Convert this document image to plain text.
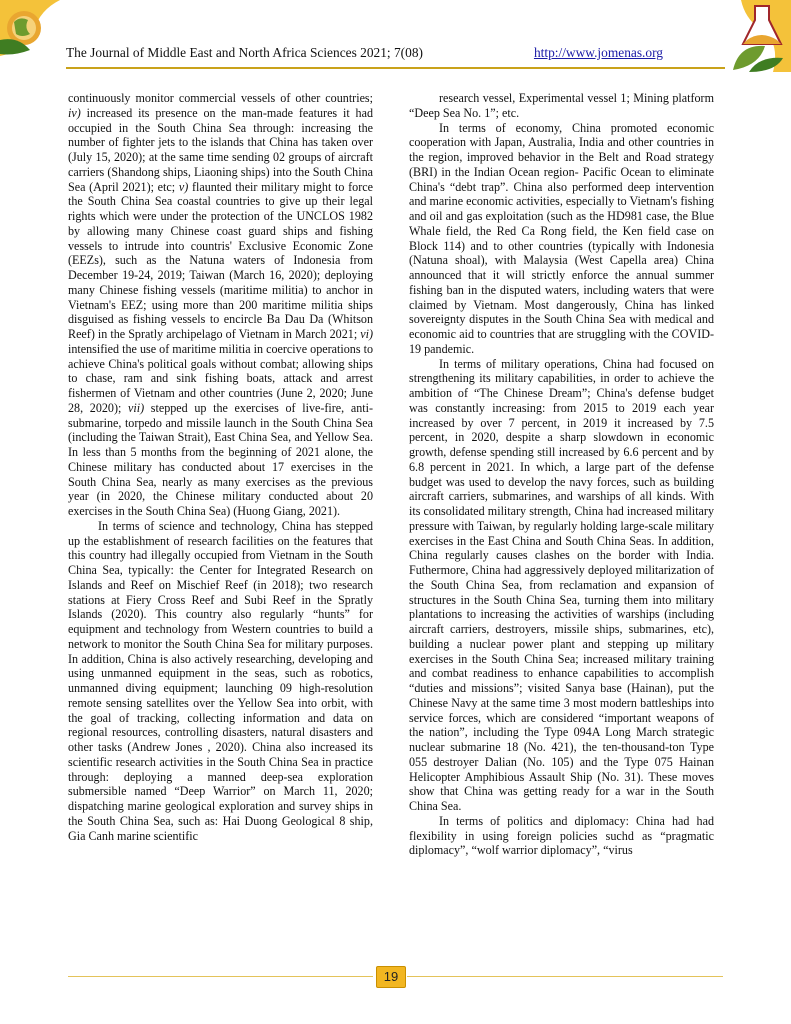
The Journal of Middle East and North Africa Sciences 2021; 7(08)	http://www.jomenas.org

continuously monitor commercial vessels of other countries; iv) increased its presence on the man-made features it had occupied in the South China Sea through: increasing the number of fighter jets to the islands that China has taken over (July 15, 2020); at the same time sending 02 groups of aircraft carriers (Shandong ships, Liaoning ships) into the South China Sea (April 2021); etc; v) flaunted their military might to force the South China Sea coastal countries to give up their legal rights which were under the protection of the UNCLOS 1982 by allowing many Chinese coast guard ships and fishing vessels to intrude into countris' Exclusive Economic Zone (EEZs), such as the Natuna waters of Indonesia from December 19-24, 2019; Taiwan (March 16, 2020); deploying many Chinese fishing vessels (maritime militia) to anchor in Vietnam's EEZ; using more than 200 maritime militia ships disguised as fishing vessels to encircle Ba Dau Da (Whitson Reef) in the Spratly archipelago of Vietnam in March 2021; vi) intensified the use of maritime militia in coercive operations to achieve China's political goals without combat; allowing ships to chase, ram and sink fishing boats, attack and arrest fishermen of Vietnam and other countries (June 2, 2020; June 28, 2020); vii) stepped up the exercises of live-fire, anti-submarine, torpedo and missile launch in the South China Sea (including the Taiwan Strait), East China Sea, and Yellow Sea. In less than 5 months from the beginning of 2021 alone, the Chinese military has conducted about 17 exercises in the South China Sea, nearly as many exercises as the previous year (in 2020, the Chinese military conducted about 20 exercises in the South China Sea) (Huong Giang, 2021).

In terms of science and technology, China has stepped up the establishment of research facilities on the features that this country had illegally occupied from Vietnam in the South China Sea, typically: the Center for Integrated Research on Islands and Reef on Mischief Reef (in 2018); two research stations at Fiery Cross Reef and Subi Reef in the Spratly Islands (2020). This country also regularly “hunts” for equipment and technology from Western countries to build a network to monitor the South China Sea for military purposes. In addition, China is also actively researching, developing and using unmanned equipment in the seas, such as robotics, unmanned diving equipment; launching 09 high-resolution remote sensing satellites over the Yellow Sea into orbit, with the goal of tracking, collecting information and data on regional resources, controlling disasters, natural disasters and other tasks (Andrew Jones , 2020). China also increased its scientific research activities in the South China Sea in practice through: deploying a manned deep-sea exploration submersible named “Deep Warrior” on March 11, 2020; dispatching marine geological exploration and survey ships in the South China Sea, such as: Hai Duong Geological 8 ship, Gia Canh marine scientific

research vessel, Experimental vessel 1; Mining platform “Deep Sea No. 1”; etc.

In terms of economy, China promoted economic cooperation with Japan, Australia, India and other countries in the region, improved behavior in the Belt and Road strategy (BRI) in the Indian Ocean region- Pacific Ocean to eliminate China's “debt trap”. China also performed deep intervention and marine economic activities, especially to Vietnam's fishing and oil and gas exploitation (such as the HD981 case, the Blue Whale field, the Red Ca Rong field, the Ken field case on Block 114) and to other countries (typically with Indonesia (Natuna shoal), with Malaysia (West Capella area) China announced that it will strictly enforce the annual summer fishing ban in the disputed waters, including waters that were claimed by Vietnam. Most dangerously, China has linked sovereignty disputes in the South China Sea with medical and economic aid to countries that are struggling with the COVID-19 pandemic.

In terms of military operations, China had focused on strengthening its military capabilities, in order to achieve the ambition of “The Chinese Dream”; China's defense budget was constantly increasing: from 2015 to 2019 each year increased by over 7 percent, in 2019 it increased by 7.5 percent, in 2020, despite a sharp slowdown in economic growth, defense spending still increased by 6.6 percent and by 6.8 percent in 2021. In which, a large part of the defense budget was used to develop the navy forces, such as building aircraft carriers, submarines, and warships of all kinds. With its consolidated military strength, China had increased military pressure with Taiwan, by regularly holding large-scale military exercises in the East China and South China Seas. In addition, China regularly causes clashes on the border with India. Futhermore, China had aggressively deployed militarization of the South China Sea, from reclamation and expansion of structures in the South China Sea, turning them into military plantations to increasing the activities of warships (including aircraft carriers, destroyers, missile ships, submarines, etc), building a nuclear power plant and stepping up military exercises in the South China Sea; increased military training and combat readiness to enhance capabilities to accomplish “duties and missions”; visited Sanya base (Hainan), put the Chinese Navy at the same time 3 most modern battleships into service forces, which are considered “important weapons of the nation”, including the Type 094A Long March strategic nuclear submarine 18 (No. 421), the ten-thousand-ton Type 055 destroyer Dalian (No. 105) and the Type 075 Hainan Helicopter Amphibious Assault Ship (No. 31). These moves show that China was getting ready for a war in the South China Sea.

In terms of politics and diplomacy: China had had flexibility in using foreign policies suchd as “pragmatic diplomacy”, “wolf warrior diplomacy”, “virus

19
